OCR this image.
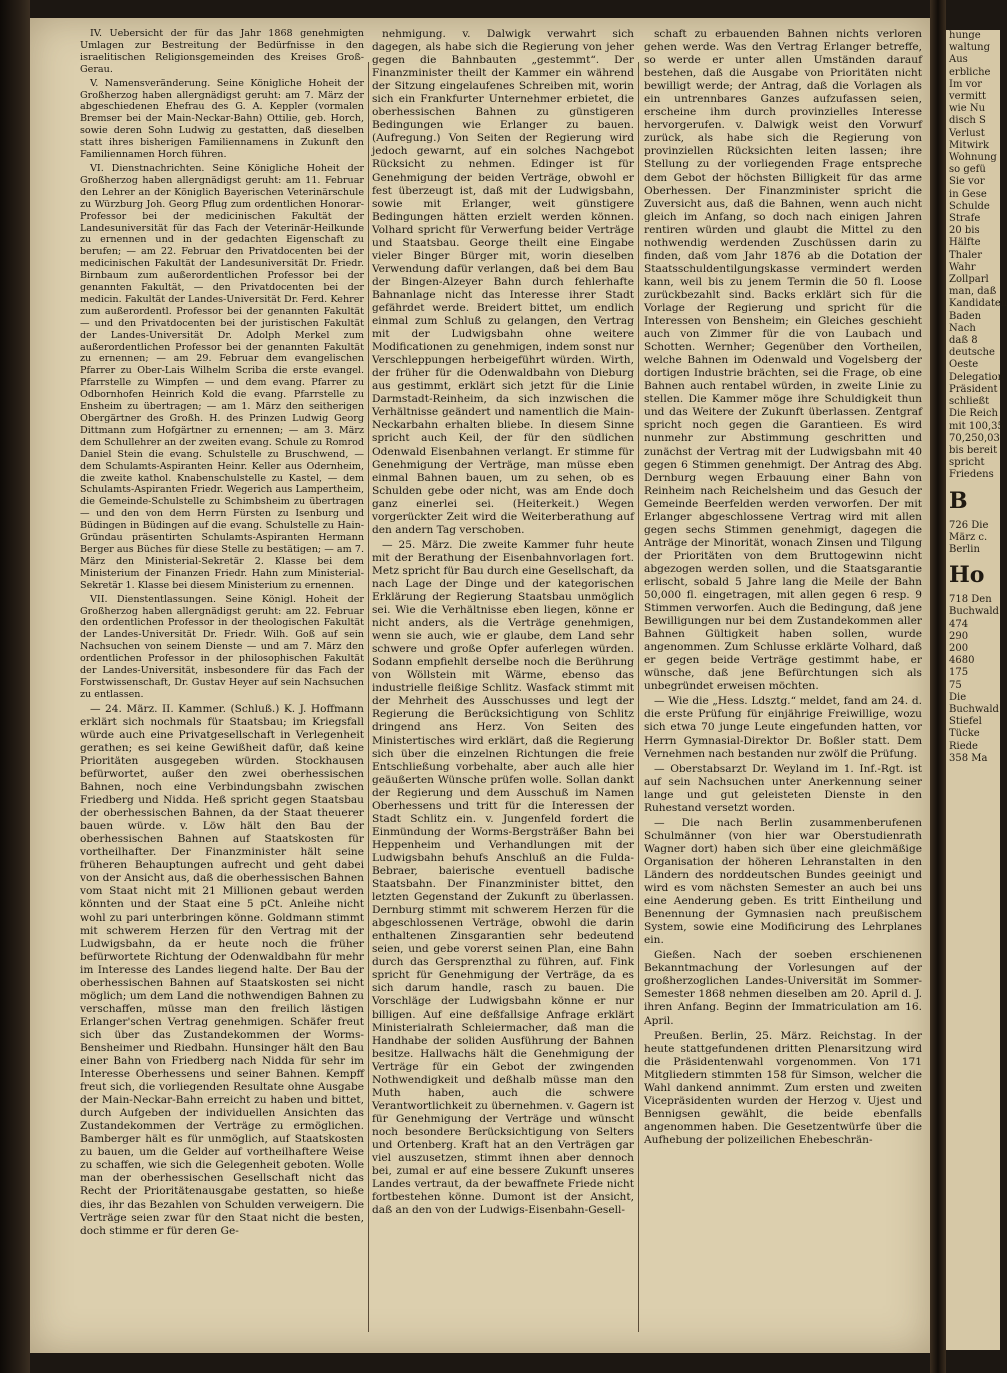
IV. Uebersicht der für das Jahr 1868 genehmigten Umlagen zur Bestreitung der Bedürfnisse in den israelitischen Religionsgemeinden des Kreises Groß-Gerau.

V. Namensveränderung. Seine Königliche Hoheit der Großherzog haben allergnädigst geruht: am 7. März der abgeschiedenen Ehefrau des G. A. Keppler (vormalen Bremser bei der Main-Neckar-Bahn) Ottilie, geb. Horch, sowie deren Sohn Ludwig zu gestatten, daß dieselben statt ihres bisherigen Familiennamens in Zukunft den Familiennamen Horch führen.

VI. Dienstnachrichten. Seine Königliche Hoheit der Großherzog haben allergnädigst geruht: am 11. Februar den Lehrer an der Königlich Bayerischen Veterinärschule zu Würzburg Joh. Georg Pflug zum ordentlichen Honorar-Professor bei der medicinischen Fakultät der Landesuniversität für das Fach der Veterinär-Heilkunde zu ernennen und in der gedachten Eigenschaft zu berufen; — am 22. Februar den Privatdocenten bei der medicinischen Fakultät der Landesuniversität Dr. Friedr. Birnbaum zum außerordentlichen Professor bei der genannten Fakultät, — den Privatdocenten bei der medicin. Fakultät der Landes-Universität Dr. Ferd. Kehrer zum außerordentl. Professor bei der genannten Fakultät — und den Privatdocenten bei der juristischen Fakultät der Landes-Universität Dr. Adolph Merkel zum außerordentlichen Professor bei der genannten Fakultät zu ernennen; — am 29. Februar dem evangelischen Pfarrer zu Ober-Lais Wilhelm Scriba die erste evangel. Pfarrstelle zu Wimpfen — und dem evang. Pfarrer zu Odbornhofen Heinrich Kold die evang. Pfarrstelle zu Ensheim zu übertragen; — am 1. März den seitherigen Obergärtner des Großh. H. des Prinzen Ludwig Georg Dittmann zum Hofgärtner zu ernennen; — am 3. März dem Schullehrer an der zweiten evang. Schule zu Romrod Daniel Stein die evang. Schulstelle zu Bruschwend, — dem Schulamts-Aspiranten Heinr. Keller aus Odernheim, die zweite kathol. Knabenschulstelle zu Kastel, — dem Schulamts-Aspiranten Friedr. Wegerich aus Lampertheim, die Gemeinde-Schulstelle zu Schimbsheim zu übertragen — und den von dem Herrn Fürsten zu Isenburg und Büdingen in Büdingen auf die evang. Schulstelle zu Hain-Gründau präsentirten Schulamts-Aspiranten Hermann Berger aus Büches für diese Stelle zu bestätigen; — am 7. März den Ministerial-Sekretär 2. Klasse bei dem Ministerium der Finanzen Friedr. Hahn zum Ministerial-Sekretär 1. Klasse bei diesem Ministerium zu ernennen.

VII. Dienstentlassungen. Seine Königl. Hoheit der Großherzog haben allergnädigst geruht: am 22. Februar den ordentlichen Professor in der theologischen Fakultät der Landes-Universität Dr. Friedr. Wilh. Goß auf sein Nachsuchen von seinem Dienste — und am 7. März den ordentlichen Professor in der philosophischen Fakultät der Landes-Universität, insbesondere für das Fach der Forstwissenschaft, Dr. Gustav Heyer auf sein Nachsuchen zu entlassen.

— 24. März. II. Kammer. (Schluß.) K. J. Hoffmann erklärt sich nochmals für Staatsbau; im Kriegsfall würde auch eine Privatgesellschaft in Verlegenheit gerathen; es sei keine Gewißheit dafür, daß keine Prioritäten ausgegeben würden. Stockhausen befürwortet, außer den zwei oberhessischen Bahnen, noch eine Verbindungsbahn zwischen Friedberg und Nidda. Heß spricht gegen Staatsbau der oberhessischen Bahnen, da der Staat theuerer bauen würde. v. Löw hält den Bau der oberhessischen Bahnen auf Staatskosten für vortheilhafter. Der Finanzminister hält seine früheren Behauptungen aufrecht und geht dabei von der Ansicht aus, daß die oberhessischen Bahnen vom Staat nicht mit 21 Millionen gebaut werden könnten und der Staat eine 5 pCt. Anleihe nicht wohl zu pari unterbringen könne. Goldmann stimmt mit schwerem Herzen für den Vertrag mit der Ludwigsbahn, da er heute noch die früher befürwortete Richtung der Odenwaldbahn für mehr im Interesse des Landes liegend halte. Der Bau der oberhessischen Bahnen auf Staatskosten sei nicht möglich; um dem Land die nothwendigen Bahnen zu verschaffen, müsse man den freilich lästigen Erlanger'schen Vertrag genehmigen. Schäfer freut sich über das Zustandekommen der Worms-Bensheimer und Riedbahn. Hunsinger hält den Bau einer Bahn von Friedberg nach Nidda für sehr im Interesse Oberhessens und seiner Bahnen. Kempff freut sich, die vorliegenden Resultate ohne Ausgabe der Main-Neckar-Bahn erreicht zu haben und bittet, durch Aufgeben der individuellen Ansichten das Zustandekommen der Verträge zu ermöglichen. Bamberger hält es für unmöglich, auf Staatskosten zu bauen, um die Gelder auf vortheilhaftere Weise zu schaffen, wie sich die Gelegenheit geboten. Wolle man der oberhessischen Gesellschaft nicht das Recht der Prioritätenausgabe gestatten, so hieße dies, ihr das Bezahlen von Schulden verweigern. Die Verträge seien zwar für den Staat nicht die besten, doch stimme er für deren Ge-

nehmigung. v. Dalwigk verwahrt sich dagegen, als habe sich die Regierung von jeher gegen die Bahnbauten „gestemmt“. Der Finanzminister theilt der Kammer ein während der Sitzung eingelaufenes Schreiben mit, worin sich ein Frankfurter Unternehmer erbietet, die oberhessischen Bahnen zu günstigeren Bedingungen wie Erlanger zu bauen. (Aufregung.) Von Seiten der Regierung wird jedoch gewarnt, auf ein solches Nachgebot Rücksicht zu nehmen. Edinger ist für Genehmigung der beiden Verträge, obwohl er fest überzeugt ist, daß mit der Ludwigsbahn, sowie mit Erlanger, weit günstigere Bedingungen hätten erzielt werden können. Volhard spricht für Verwerfung beider Verträge und Staatsbau. George theilt eine Eingabe vieler Binger Bürger mit, worin dieselben Verwendung dafür verlangen, daß bei dem Bau der Bingen-Alzeyer Bahn durch fehlerhafte Bahnanlage nicht das Interesse ihrer Stadt gefährdet werde. Breidert bittet, um endlich einmal zum Schluß zu gelangen, den Vertrag mit der Ludwigsbahn ohne weitere Modificationen zu genehmigen, indem sonst nur Verschleppungen herbeigeführt würden. Wirth, der früher für die Odenwaldbahn von Dieburg aus gestimmt, erklärt sich jetzt für die Linie Darmstadt-Reinheim, da sich inzwischen die Verhältnisse geändert und namentlich die Main-Neckarbahn erhalten bliebe. In diesem Sinne spricht auch Keil, der für den südlichen Odenwald Eisenbahnen verlangt. Er stimme für Genehmigung der Verträge, man müsse eben einmal Bahnen bauen, um zu sehen, ob es Schulden gebe oder nicht, was am Ende doch ganz einerlei sei. (Heiterkeit.) Wegen vorgerückter Zeit wird die Weiterberathung auf den andern Tag verschoben.

— 25. März. Die zweite Kammer fuhr heute mit der Berathung der Eisenbahnvorlagen fort. Metz spricht für Bau durch eine Gesellschaft, da nach Lage der Dinge und der kategorischen Erklärung der Regierung Staatsbau unmöglich sei. Wie die Verhältnisse eben liegen, könne er nicht anders, als die Verträge genehmigen, wenn sie auch, wie er glaube, dem Land sehr schwere und große Opfer auferlegen würden. Sodann empfiehlt derselbe noch die Berührung von Wöllstein mit Wärme, ebenso das industrielle fleißige Schlitz. Wasfack stimmt mit der Mehrheit des Ausschusses und legt der Regierung die Berücksichtigung von Schlitz dringend ans Herz. Von Seiten des Ministertisches wird erklärt, daß die Regierung sich über die einzelnen Richtungen die freie Entschließung vorbehalte, aber auch alle hier geäußerten Wünsche prüfen wolle. Sollan dankt der Regierung und dem Ausschuß im Namen Oberhessens und tritt für die Interessen der Stadt Schlitz ein. v. Jungenfeld fordert die Einmündung der Worms-Bergsträßer Bahn bei Heppenheim und Verhandlungen mit der Ludwigsbahn behufs Anschluß an die Fulda-Bebraer, baierische eventuell badische Staatsbahn. Der Finanzminister bittet, den letzten Gegenstand der Zukunft zu überlassen. Dernburg stimmt mit schwerem Herzen für die abgeschlossenen Verträge, obwohl die darin enthaltenen Zinsgarantien sehr bedeutend seien, und gebe vorerst seinen Plan, eine Bahn durch das Gersprenzthal zu führen, auf. Fink spricht für Genehmigung der Verträge, da es sich darum handle, rasch zu bauen. Die Vorschläge der Ludwigsbahn könne er nur billigen. Auf eine deßfallsige Anfrage erklärt Ministerialrath Schleiermacher, daß man die Handhabe der soliden Ausführung der Bahnen besitze. Hallwachs hält die Genehmigung der Verträge für ein Gebot der zwingenden Nothwendigkeit und deßhalb müsse man den Muth haben, auch die schwere Verantwortlichkeit zu übernehmen. v. Gagern ist für Genehmigung der Verträge und wünscht noch besondere Berücksichtigung von Selters und Ortenberg. Kraft hat an den Verträgen gar viel auszusetzen, stimmt ihnen aber dennoch bei, zumal er auf eine bessere Zukunft unseres Landes vertraut, da der bewaffnete Friede nicht fortbestehen könne. Dumont ist der Ansicht, daß an den von der Ludwigs-Eisenbahn-Gesell-

schaft zu erbauenden Bahnen nichts verloren gehen werde. Was den Vertrag Erlanger betreffe, so werde er unter allen Umständen darauf bestehen, daß die Ausgabe von Prioritäten nicht bewilligt werde; der Antrag, daß die Vorlagen als ein untrennbares Ganzes aufzufassen seien, erscheine ihm durch provinzielles Interesse hervorgerufen. v. Dalwigk weist den Vorwurf zurück, als habe sich die Regierung von provinziellen Rücksichten leiten lassen; ihre Stellung zu der vorliegenden Frage entspreche dem Gebot der höchsten Billigkeit für das arme Oberhessen. Der Finanzminister spricht die Zuversicht aus, daß die Bahnen, wenn auch nicht gleich im Anfang, so doch nach einigen Jahren rentiren würden und glaubt die Mittel zu den nothwendig werdenden Zuschüssen darin zu finden, daß vom Jahr 1876 ab die Dotation der Staatsschuldentilgungskasse vermindert werden kann, weil bis zu jenem Termin die 50 fl. Loose zurückbezahlt sind. Backs erklärt sich für die Vorlage der Regierung und spricht für die Interessen von Bensheim; ein Gleiches geschieht auch von Zimmer für die von Laubach und Schotten. Wernher; Gegenüber den Vortheilen, welche Bahnen im Odenwald und Vogelsberg der dortigen Industrie brächten, sei die Frage, ob eine Bahnen auch rentabel würden, in zweite Linie zu stellen. Die Kammer möge ihre Schuldigkeit thun und das Weitere der Zukunft überlassen. Zentgraf spricht noch gegen die Garantieen. Es wird nunmehr zur Abstimmung geschritten und zunächst der Vertrag mit der Ludwigsbahn mit 40 gegen 6 Stimmen genehmigt. Der Antrag des Abg. Dernburg wegen Erbauung einer Bahn von Reinheim nach Reichelsheim und das Gesuch der Gemeinde Beerfelden werden verworfen. Der mit Erlanger abgeschlossene Vertrag wird mit allen gegen sechs Stimmen genehmigt, dagegen die Anträge der Minorität, wonach Zinsen und Tilgung der Prioritäten von dem Bruttogewinn nicht abgezogen werden sollen, und die Staatsgarantie erlischt, sobald 5 Jahre lang die Meile der Bahn 50,000 fl. eingetragen, mit allen gegen 6 resp. 9 Stimmen verworfen. Auch die Bedingung, daß jene Bewilligungen nur bei dem Zustandekommen aller Bahnen Gültigkeit haben sollen, wurde angenommen. Zum Schlusse erklärte Volhard, daß er gegen beide Verträge gestimmt habe, er wünsche, daß jene Befürchtungen sich als unbegründet erweisen möchten.

— Wie die „Hess. Ldsztg.“ meldet, fand am 24. d. die erste Prüfung für einjährige Freiwillige, wozu sich etwa 70 junge Leute eingefunden hatten, vor Herrn Gymnasial-Direktor Dr. Boßler statt. Dem Vernehmen nach bestanden nur zwölf die Prüfung.

— Oberstabsarzt Dr. Weyland im 1. Inf.-Rgt. ist auf sein Nachsuchen unter Anerkennung seiner lange und gut geleisteten Dienste in den Ruhestand versetzt worden.

— Die nach Berlin zusammenberufenen Schulmänner (von hier war Oberstudienrath Wagner dort) haben sich über eine gleichmäßige Organisation der höheren Lehranstalten in den Ländern des norddeutschen Bundes geeinigt und wird es vom nächsten Semester an auch bei uns eine Aenderung geben. Es tritt Eintheilung und Benennung der Gymnasien nach preußischem System, sowie eine Modificirung des Lehrplanes ein.

Gießen. Nach der soeben erschienenen Bekanntmachung der Vorlesungen auf der großherzoglichen Landes-Universität im Sommer-Semester 1868 nehmen dieselben am 20. April d. J. ihren Anfang. Beginn der Immatriculation am 16. April.

Preußen. Berlin, 25. März. Reichstag. In der heute stattgefundenen dritten Plenarsitzung wird die Präsidentenwahl vorgenommen. Von 171 Mitgliedern stimmten 158 für Simson, welcher die Wahl dankend annimmt. Zum ersten und zweiten Vicepräsidenten wurden der Herzog v. Ujest und Bennigsen gewählt, die beide ebenfalls angenommen haben. Die Gesetzentwürfe über die Aufhebung der polizeilichen Ehebeschrän-

hunge
waltung
Aus
erbliche
Im vor
vermitt
wie Nu
disch S
Verlust
Mitwirk
Wohnung
so gefü
Sie vor
in Gese
Schulde
Strafe
20 bis
Hälfte
Thaler
Wahr
Zollparl
man, daß
Kandidaten
Baden
Nach
daß 8
deutsche
Oeste
Delegation
Präsident
schließt
Die Reich
mit 100,35
70,250,03
bis bereit
spricht
Friedens
B
726 Die
März c.
Berlin
Ho
718 Den
Buchwald
474
290
200
4680
175
75
Die
Buchwald
Stiefel
Tücke
Riede
358 Ma
